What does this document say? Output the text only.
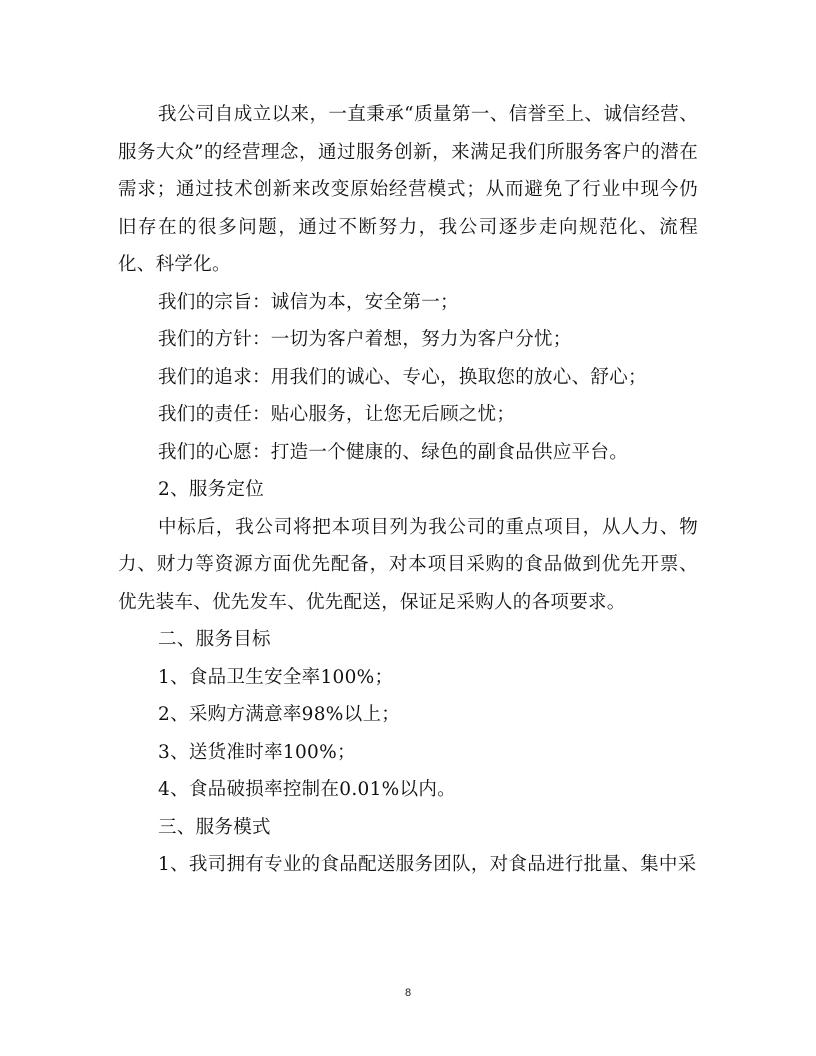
我公司自成立以来，一直秉承“质量第一、信誉至上、诚信经营、服务大众”的经营理念，通过服务创新，来满足我们所服务客户的潜在需求；通过技术创新来改变原始经营模式；从而避免了行业中现今仍旧存在的很多问题，通过不断努力，我公司逐步走向规范化、流程化、科学化。

我们的宗旨：诚信为本，安全第一；

我们的方针：一切为客户着想，努力为客户分忧；

我们的追求：用我们的诚心、专心，换取您的放心、舒心；

我们的责任：贴心服务，让您无后顾之忧；

我们的心愿：打造一个健康的、绿色的副食品供应平台。

2、服务定位

中标后，我公司将把本项目列为我公司的重点项目，从人力、物力、财力等资源方面优先配备，对本项目采购的食品做到优先开票、优先装车、优先发车、优先配送，保证足采购人的各项要求。

二、服务目标

1、食品卫生安全率100%；

2、采购方满意率98%以上；

3、送货准时率100%；

4、食品破损率控制在0.01%以内。

三、服务模式

1、我司拥有专业的食品配送服务团队，对食品进行批量、集中采

8
